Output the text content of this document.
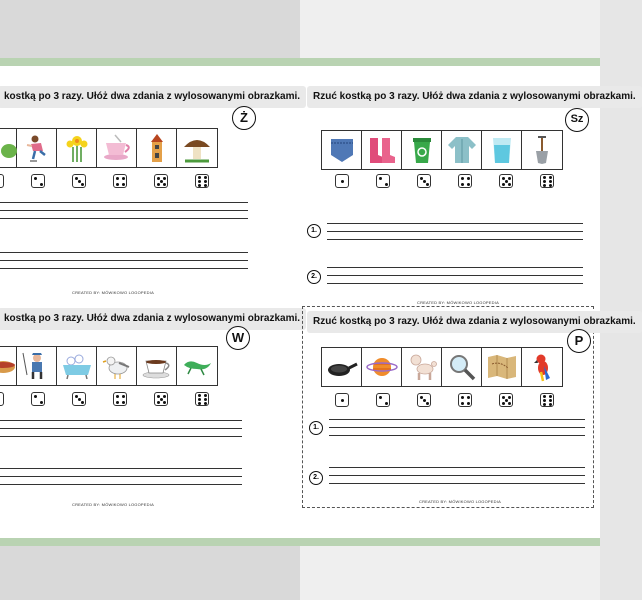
kostką po 3 razy. Ułóż dwa zdania z wylosowanymi obrazkami.
Ż
CREATED BY: MÓWIKOWO LOGOPEDIA
Rzuć kostką po 3 razy. Ułóż dwa zdania z wylosowanymi obrazkami.
Sz
1.
2.
CREATED BY: MÓWIKOWO LOGOPEDIA
kostką po 3 razy. Ułóż dwa zdania z wylosowanymi obrazkami.
W
CREATED BY: MÓWIKOWO LOGOPEDIA
Rzuć kostką po 3 razy. Ułóż dwa zdania z wylosowanymi obrazkami.
P
1.
2.
CREATED BY: MÓWIKOWO LOGOPEDIA
